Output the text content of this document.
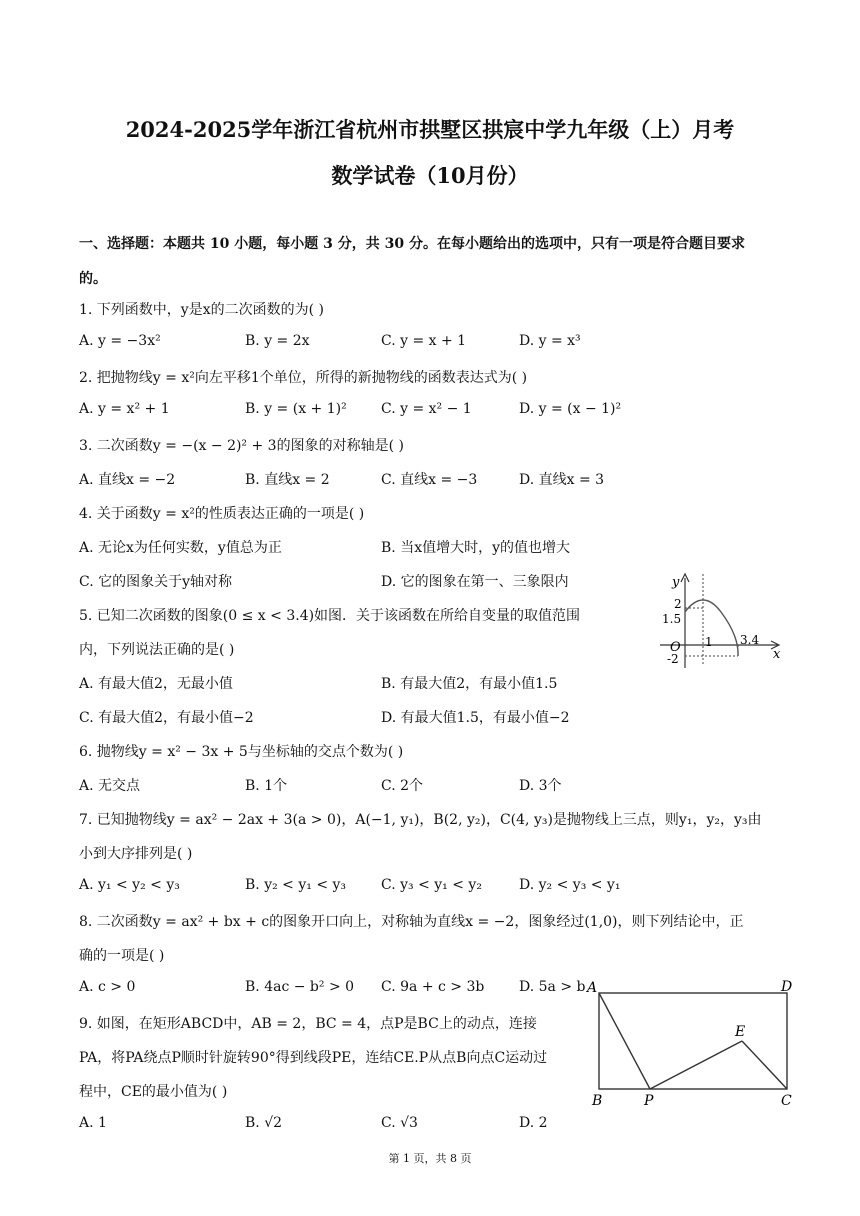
2024-2025学年浙江省杭州市拱墅区拱宸中学九年级（上）月考
数学试卷（10月份）
一、选择题：本题共 10 小题，每小题 3 分，共 30 分。在每小题给出的选项中，只有一项是符合题目要求
的。
1. 下列函数中，y是x的二次函数的为( )
A. y = −3x²	B. y = 2x	C. y = x + 1	D. y = x³
2. 把抛物线y = x²向左平移1个单位，所得的新抛物线的函数表达式为( )
A. y = x² + 1	B. y = (x + 1)² C. y = x² − 1	D. y = (x − 1)²
3. 二次函数y = −(x − 2)² + 3的图象的对称轴是( )
A. 直线x = −2	B. 直线x = 2	C. 直线x = −3	D. 直线x = 3
4. 关于函数y = x²的性质表达正确的一项是( )
A. 无论x为任何实数，y值总为正	B. 当x值增大时，y的值也增大
C. 它的图象关于y轴对称	D. 它的图象在第一、三象限内
5. 已知二次函数的图象(0 ≤ x < 3.4)如图．关于该函数在所给自变量的取值范围
内，下列说法正确的是( )
A. 有最大值2，无最小值	B. 有最大值2，有最小值1.5
C. 有最大值2，有最小值−2	D. 有最大值1.5，有最小值−2
y
x
O
2
1.5
1 3.4
-2
6. 抛物线y = x² − 3x + 5与坐标轴的交点个数为( )
A. 无交点	B. 1个	C. 2个	D. 3个
7. 已知抛物线y = ax² − 2ax + 3(a > 0)，A(−1, y₁)，B(2, y₂)，C(4, y₃)是抛物线上三点，则y₁，y₂，y₃由
小到大序排列是( )
A. y₁ < y₂ < y₃	B. y₂ < y₁ < y₃ C. y₃ < y₁ < y₂	D. y₂ < y₃ < y₁
8. 二次函数y = ax² + bx + c的图象开口向上，对称轴为直线x = −2，图象经过(1,0)，则下列结论中，正
确的一项是( )
A. c > 0	B. 4ac − b² > 0 C. 9a + c > 3b D. 5a > b
9. 如图，在矩形ABCD中，AB = 2，BC = 4，点P是BC上的动点，连接
PA，将PA绕点P顺时针旋转90°得到线段PE，连结CE.P从点B向点C运动过
程中，CE的最小值为( )
A. 1	B. √2	C. √3	D. 2
A	D
E
B	P	C
第 1 页，共 8 页
